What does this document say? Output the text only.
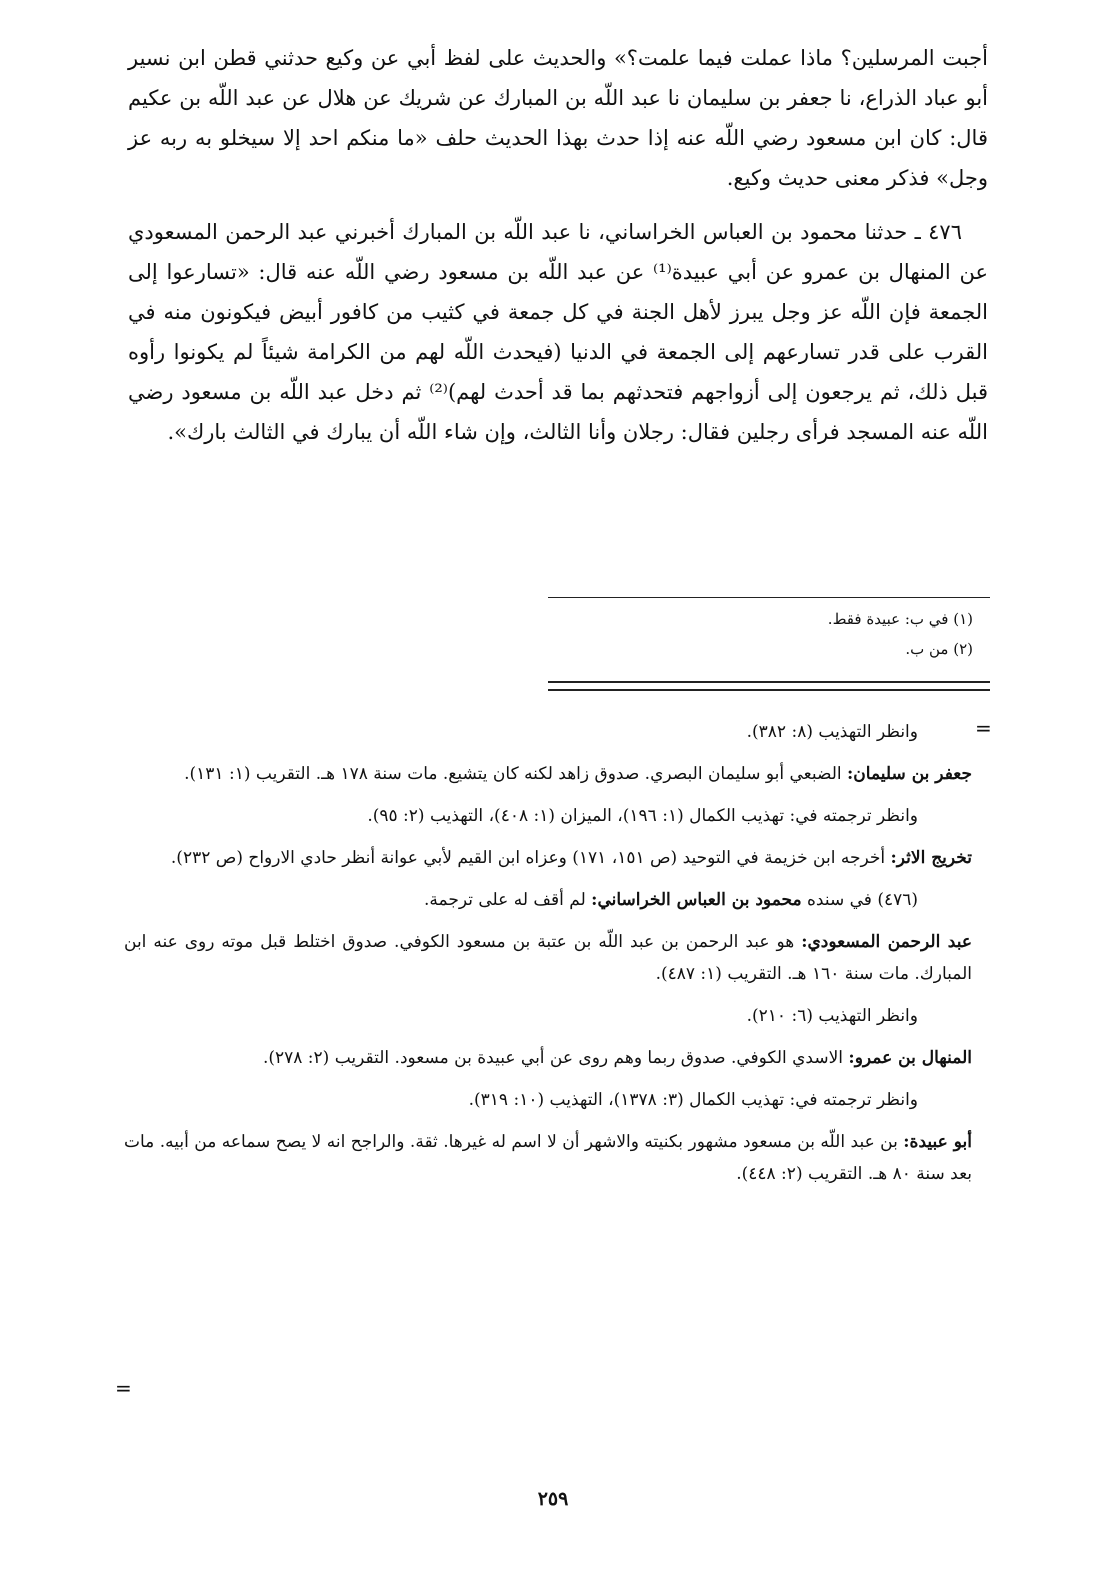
أجبت المرسلين؟ ماذا عملت فيما علمت؟» والحديث على لفظ أبي عن وكيع حدثني قطن ابن نسير أبو عباد الذراع، نا جعفر بن سليمان نا عبد اللّه بن المبارك عن شريك عن هلال عن عبد اللّه بن عكيم قال: كان ابن مسعود رضي اللّه عنه إذا حدث بهذا الحديث حلف «ما منكم احد إلا سيخلو به ربه عز وجل» فذكر معنى حديث وكيع.

٤٧٦ ـ حدثنا محمود بن العباس الخراساني، نا عبد اللّه بن المبارك أخبرني عبد الرحمن المسعودي عن المنهال بن عمرو عن أبي عبيدة⁽¹⁾ عن عبد اللّه بن مسعود رضي اللّه عنه قال: «تسارعوا إلى الجمعة فإن اللّه عز وجل يبرز لأهل الجنة في كل جمعة في كثيب من كافور أبيض فيكونون منه في القرب على قدر تسارعهم إلى الجمعة في الدنيا (فيحدث اللّه لهم من الكرامة شيئاً لم يكونوا رأوه قبل ذلك، ثم يرجعون إلى أزواجهم فتحدثهم بما قد أحدث لهم)⁽²⁾ ثم دخل عبد اللّه بن مسعود رضي اللّه عنه المسجد فرأى رجلين فقال: رجلان وأنا الثالث، وإن شاء اللّه أن يبارك في الثالث بارك».

(١) في ب: عبيدة فقط.
(٢) من ب.
=

وانظر التهذيب (٨: ٣٨٢).

جعفر بن سليمان: الضبعي أبو سليمان البصري. صدوق زاهد لكنه كان يتشيع. مات سنة ١٧٨ هـ. التقريب (١: ١٣١).

وانظر ترجمته في: تهذيب الكمال (١: ١٩٦)، الميزان (١: ٤٠٨)، التهذيب (٢: ٩٥).

تخريج الاثر: أخرجه ابن خزيمة في التوحيد (ص ١٥١، ١٧١) وعزاه ابن القيم لأبي عوانة أنظر حادي الارواح (ص ٢٣٢).

(٤٧٦) في سنده محمود بن العباس الخراساني: لم أقف له على ترجمة.

عبد الرحمن المسعودي: هو عبد الرحمن بن عبد اللّه بن عتبة بن مسعود الكوفي. صدوق اختلط قبل موته روى عنه ابن المبارك. مات سنة ١٦٠ هـ. التقريب (١: ٤٨٧).

وانظر التهذيب (٦: ٢١٠).

المنهال بن عمرو: الاسدي الكوفي. صدوق ربما وهم روى عن أبي عبيدة بن مسعود. التقريب (٢: ٢٧٨).

وانظر ترجمته في: تهذيب الكمال (٣: ١٣٧٨)، التهذيب (١٠: ٣١٩).

أبو عبيدة: بن عبد اللّه بن مسعود مشهور بكنيته والاشهر أن لا اسم له غيرها. ثقة. والراجح انه لا يصح سماعه من أبيه. مات بعد سنة ٨٠ هـ. التقريب (٢: ٤٤٨).

=
٢٥٩
